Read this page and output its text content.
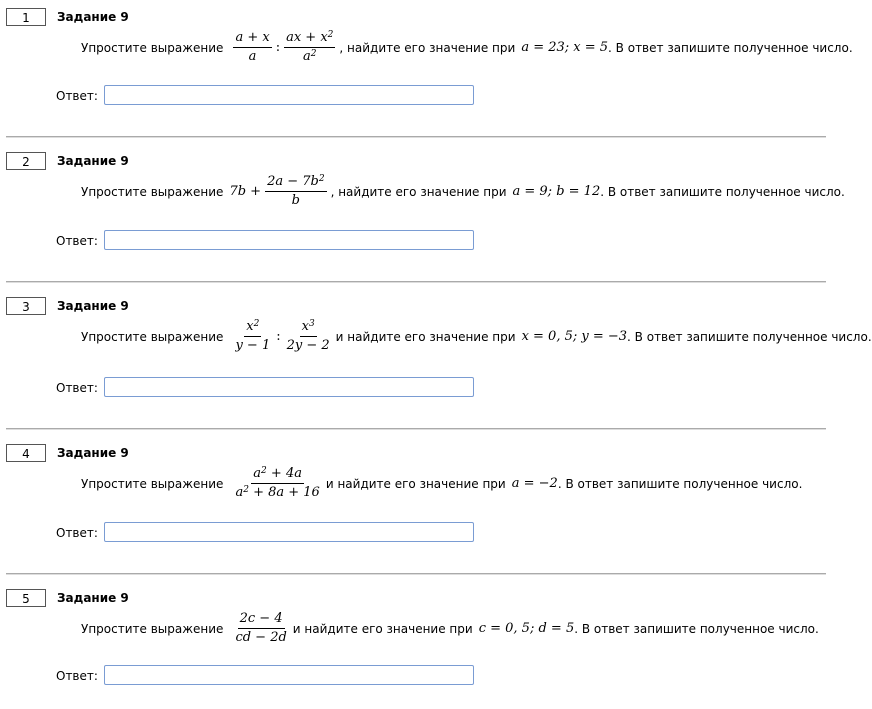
1	Задание 9
Упростите выражение $\frac{a + x}{a}$ : $\frac{ax + x^2}{a^2}$ , найдите его значение при a = 23; x = 5 . В ответ запишите полученное число.
Ответ:
2	Задание 9
Упростите выражение $7b + \frac{2a - 7b^2}{b}$ , найдите его значение при a = 9; b = 12 . В ответ запишите полученное число.
Ответ:
3	Задание 9
Упростите выражение $\frac{x^2}{y - 1}$ : $\frac{x^3}{2y - 2}$ и найдите его значение при x = 0, 5; y = −3 . В ответ запишите полученное число.
Ответ:
4	Задание 9
Упростите выражение $\frac{a^2 + 4a}{a^2 + 8a + 16}$ и найдите его значение при a = −2 . В ответ запишите полученное число.
Ответ:
5	Задание 9
Упростите выражение $\frac{2c - 4}{cd - 2d}$ и найдите его значение при c = 0, 5; d = 5 . В ответ запишите полученное число.
Ответ:
